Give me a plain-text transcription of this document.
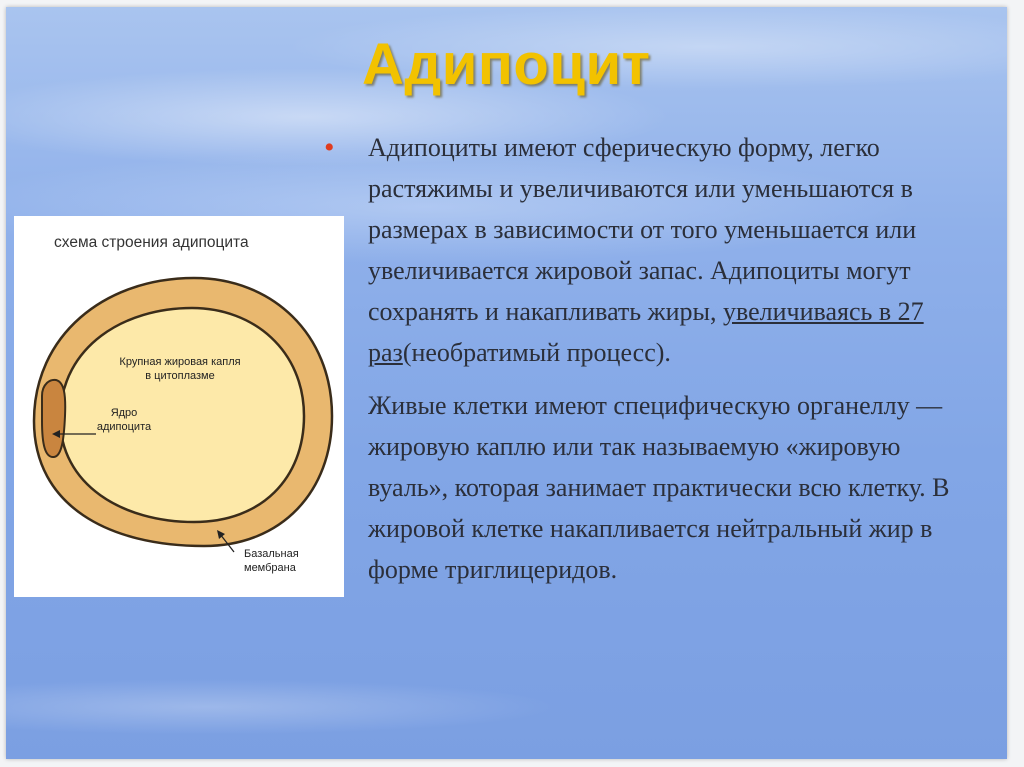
Адипоцит
схема строения адипоцита
Крупная жировая капля
в цитоплазме
Ядро
адипоцита
Базальная
мембрана

• Адипоциты имеют сферическую форму, легко растяжимы и увеличиваются или уменьшаются в размерах в зависимости от того уменьшается или увеличивается жировой запас. Адипоциты могут сохранять и накапливать жиры, увеличиваясь в 27 раз(необратимый процесс).

Живые клетки имеют специфическую органеллу — жировую каплю или так называемую «жировую вуаль», которая занимает практически всю клетку. В жировой клетке накапливается нейтральный жир в форме триглицеридов.
